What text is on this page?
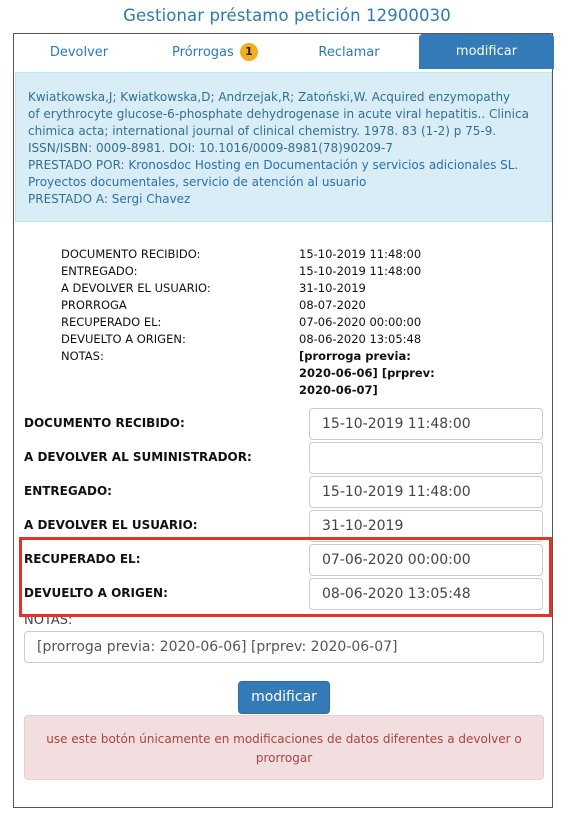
Gestionar préstamo petición 12900030
Devolver	Prórrogas 1	Reclamar	modificar
Kwiatkowska,J; Kwiatkowska,D; Andrzejak,R; Zatoński,W. Acquired enzymopathy
of erythrocyte glucose-6-phosphate dehydrogenase in acute viral hepatitis.. Clinica
chimica acta; international journal of clinical chemistry. 1978. 83 (1-2) p 75-9.
ISSN/ISBN: 0009-8981. DOI: 10.1016/0009-8981(78)90209-7
PRESTADO POR: Kronosdoc Hosting en Documentación y servicios adicionales SL.
Proyectos documentales, servicio de atención al usuario
PRESTADO A: Sergi Chavez
DOCUMENTO RECIBIDO:	15-10-2019 11:48:00
ENTREGADO:	15-10-2019 11:48:00
A DEVOLVER EL USUARIO:	31-10-2019
PRORROGA	08-07-2020
RECUPERADO EL:	07-06-2020 00:00:00
DEVUELTO A ORIGEN:	08-06-2020 13:05:48
NOTAS:	[prorroga previa:
2020-06-06] [prprev:
2020-06-07]
DOCUMENTO RECIBIDO:	15-10-2019 11:48:00
A DEVOLVER AL SUMINISTRADOR:
ENTREGADO:	15-10-2019 11:48:00
A DEVOLVER EL USUARIO:	31-10-2019
RECUPERADO EL:	07-06-2020 00:00:00
DEVUELTO A ORIGEN:	08-06-2020 13:05:48
NOTAS:
[prorroga previa: 2020-06-06] [prprev: 2020-06-07]
modificar
use este botón únicamente en modificaciones de datos diferentes a devolver o
prorrogar
